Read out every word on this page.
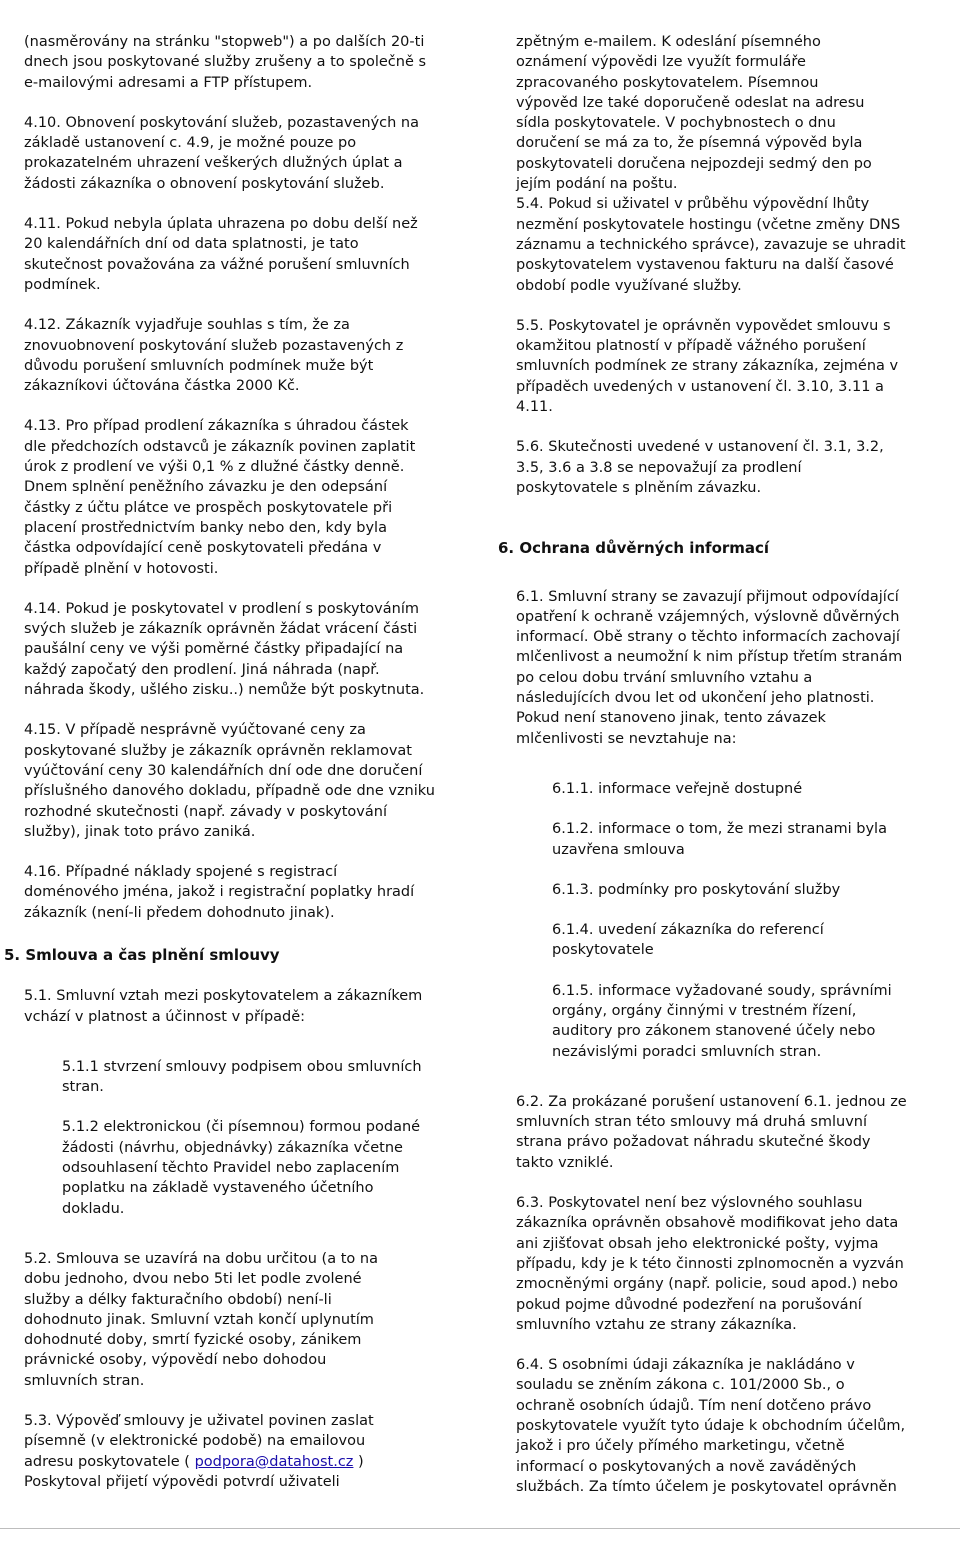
(nasměrovány na stránku "stopweb") a po dalších 20-ti
dnech jsou poskytované služby zrušeny a to společně s
e-mailovými adresami a FTP přístupem.

4.10. Obnovení poskytování služeb, pozastavených na
základě ustanovení c. 4.9, je možné pouze po
prokazatelném uhrazení veškerých dlužných úplat a
žádosti zákazníka o obnovení poskytování služeb.

4.11. Pokud nebyla úplata uhrazena po dobu delší než
20 kalendářních dní od data splatnosti, je tato
skutečnost považována za vážné porušení smluvních
podmínek.

4.12. Zákazník vyjadřuje souhlas s tím, že za
znovuobnovení poskytování služeb pozastavených z
důvodu porušení smluvních podmínek muže být
zákazníkovi účtována částka 2000 Kč.

4.13. Pro případ prodlení zákazníka s úhradou částek
dle předchozích odstavců je zákazník povinen zaplatit
úrok z prodlení ve výši 0,1 % z dlužné částky denně.
Dnem splnění peněžního závazku je den odepsání
částky z účtu plátce ve prospěch poskytovatele při
placení prostřednictvím banky nebo den, kdy byla
částka odpovídající ceně poskytovateli předána v
případě plnění v hotovosti.

4.14. Pokud je poskytovatel v prodlení s poskytováním
svých služeb je zákazník oprávněn žádat vrácení části
paušální ceny ve výši poměrné částky připadající na
každý započatý den prodlení. Jiná náhrada (např.
náhrada škody, ušlého zisku..) nemůže být poskytnuta.

4.15. V případě nesprávně vyúčtované ceny za
poskytované služby je zákazník oprávněn reklamovat
vyúčtování ceny 30 kalendářních dní ode dne doručení
příslušného danového dokladu, případně ode dne vzniku
rozhodné skutečnosti (např. závady v poskytování
služby), jinak toto právo zaniká.

4.16. Případné náklady spojené s registrací
doménového jména, jakož i registrační poplatky hradí
zákazník (není-li předem dohodnuto jinak).

5. Smlouva a čas plnění smlouvy

5.1. Smluvní vztah mezi poskytovatelem a zákazníkem
vchází v platnost a účinnost v případě:

5.1.1 stvrzení smlouvy podpisem obou smluvních
stran.

5.1.2 elektronickou (či písemnou) formou podané
žádosti (návrhu, objednávky) zákazníka včetne
odsouhlasení těchto Pravidel nebo zaplacením
poplatku na základě vystaveného účetního
dokladu.

5.2. Smlouva se uzavírá na dobu určitou (a to na
dobu jednoho, dvou nebo 5ti let podle zvolené
služby a délky fakturačního období) není-li
dohodnuto jinak. Smluvní vztah končí uplynutím
dohodnuté doby, smrtí fyzické osoby, zánikem
právnické osoby, výpovědí nebo dohodou
smluvních stran.

5.3. Výpověď smlouvy je uživatel povinen zaslat
písemně (v elektronické podobě) na emailovou
adresu poskytovatele ( podpora@datahost.cz )
Poskytoval přijetí výpovědi potvrdí uživateli

zpětným e-mailem. K odeslání písemného
oznámení výpovědi lze využít formuláře
zpracovaného poskytovatelem. Písemnou
výpověd lze také doporučeně odeslat na adresu
sídla poskytovatele. V pochybnostech o dnu
doručení se má za to, že písemná výpověd byla
poskytovateli doručena nejpozdeji sedmý den po
jejím podání na poštu.
5.4. Pokud si uživatel v průběhu výpovědní lhůty
nezmění poskytovatele hostingu (včetne změny DNS
záznamu a technického správce), zavazuje se uhradit
poskytovatelem vystavenou fakturu na další časové
období podle využívané služby.

5.5. Poskytovatel je oprávněn vypovědet smlouvu s
okamžitou platností v případě vážného porušení
smluvních podmínek ze strany zákazníka, zejména v
případěch uvedených v ustanovení čl. 3.10, 3.11 a
4.11.

5.6. Skutečnosti uvedené v ustanovení čl. 3.1, 3.2,
3.5, 3.6 a 3.8 se nepovažují za prodlení
poskytovatele s plněním závazku.

6. Ochrana důvěrných informací

6.1. Smluvní strany se zavazují přijmout odpovídající
opatření k ochraně vzájemných, výslovně důvěrných
informací. Obě strany o těchto informacích zachovají
mlčenlivost a neumožní k nim přístup třetím stranám
po celou dobu trvání smluvního vztahu a
následujících dvou let od ukončení jeho platnosti.
Pokud není stanoveno jinak, tento závazek
mlčenlivosti se nevztahuje na:

6.1.1. informace veřejně dostupné

6.1.2. informace o tom, že mezi stranami byla
uzavřena smlouva

6.1.3. podmínky pro poskytování služby

6.1.4. uvedení zákazníka do referencí
poskytovatele

6.1.5. informace vyžadované soudy, správními
orgány, orgány činnými v trestném řízení,
auditory pro zákonem stanovené účely nebo
nezávislými poradci smluvních stran.

6.2. Za prokázané porušení ustanovení 6.1. jednou ze
smluvních stran této smlouvy má druhá smluvní
strana právo požadovat náhradu skutečné škody
takto vzniklé.

6.3. Poskytovatel není bez výslovného souhlasu
zákazníka oprávněn obsahově modifikovat jeho data
ani zjišťovat obsah jeho elektronické pošty, vyjma
případu, kdy je k této činnosti zplnomocněn a vyzván
zmocněnými orgány (např. policie, soud apod.) nebo
pokud pojme důvodné podezření na porušování
smluvního vztahu ze strany zákazníka.

6.4. S osobními údaji zákazníka je nakládáno v
souladu se zněním zákona c. 101/2000 Sb., o
ochraně osobních údajů. Tím není dotčeno právo
poskytovatele využít tyto údaje k obchodním účelům,
jakož i pro účely přímého marketingu, včetně
informací o poskytovaných a nově zaváděných
službách. Za tímto účelem je poskytovatel oprávněn
